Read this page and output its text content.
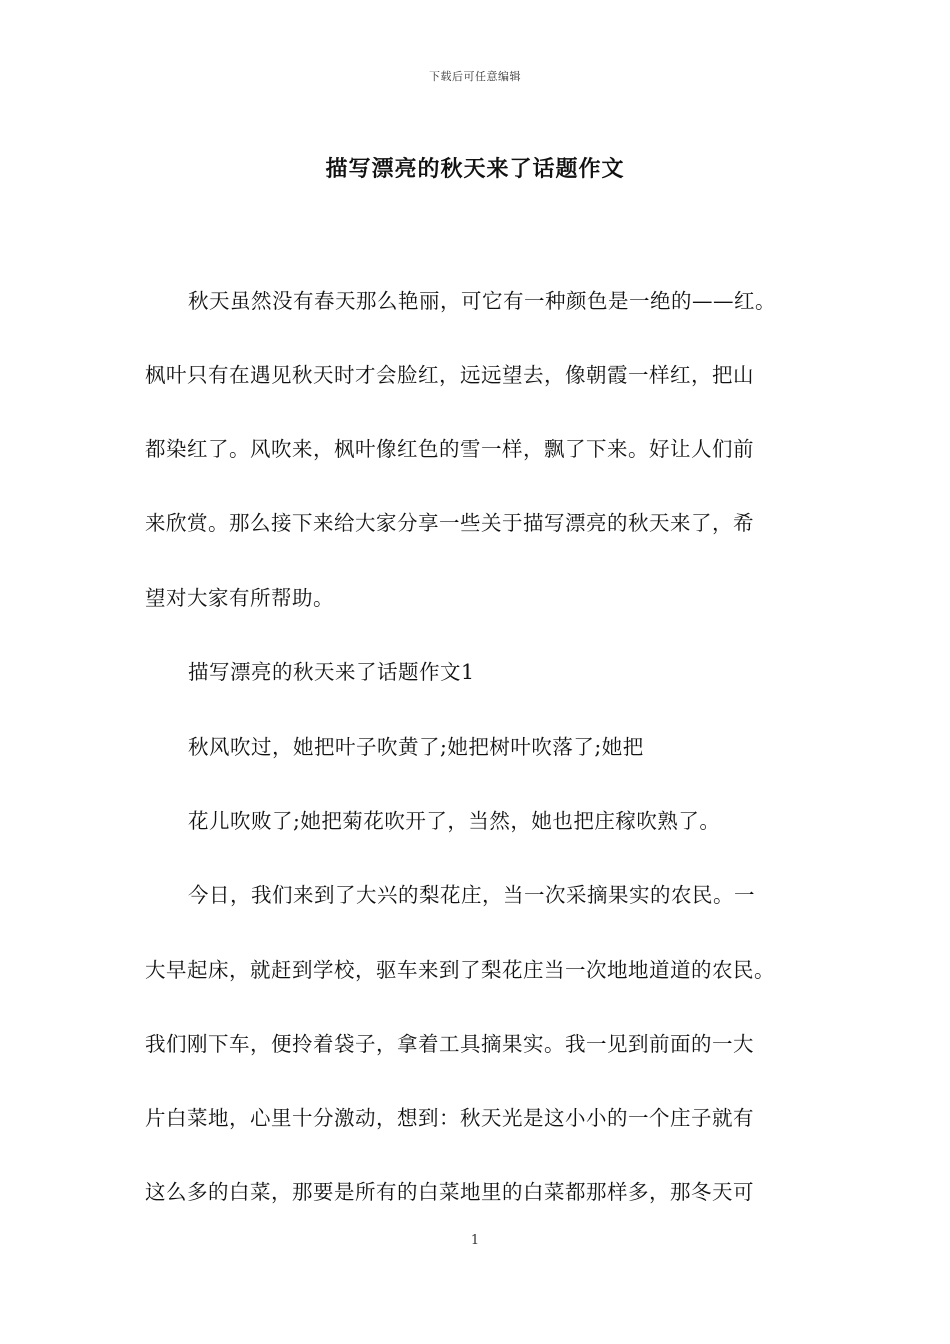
下载后可任意编辑
描写漂亮的秋天来了话题作文
秋天虽然没有春天那么艳丽，可它有一种颜色是一绝的——红。
枫叶只有在遇见秋天时才会脸红，远远望去，像朝霞一样红，把山
都染红了。风吹来，枫叶像红色的雪一样，飘了下来。好让人们前
来欣赏。那么接下来给大家分享一些关于描写漂亮的秋天来了，希
望对大家有所帮助。
描写漂亮的秋天来了话题作文1
秋风吹过，她把叶子吹黄了;她把树叶吹落了;她把
花儿吹败了;她把菊花吹开了，当然，她也把庄稼吹熟了。
今日，我们来到了大兴的梨花庄，当一次采摘果实的农民。一
大早起床，就赶到学校，驱车来到了梨花庄当一次地地道道的农民。
我们刚下车，便拎着袋子，拿着工具摘果实。我一见到前面的一大
片白菜地，心里十分激动，想到：秋天光是这小小的一个庄子就有
这么多的白菜，那要是所有的白菜地里的白菜都那样多，那冬天可
1
